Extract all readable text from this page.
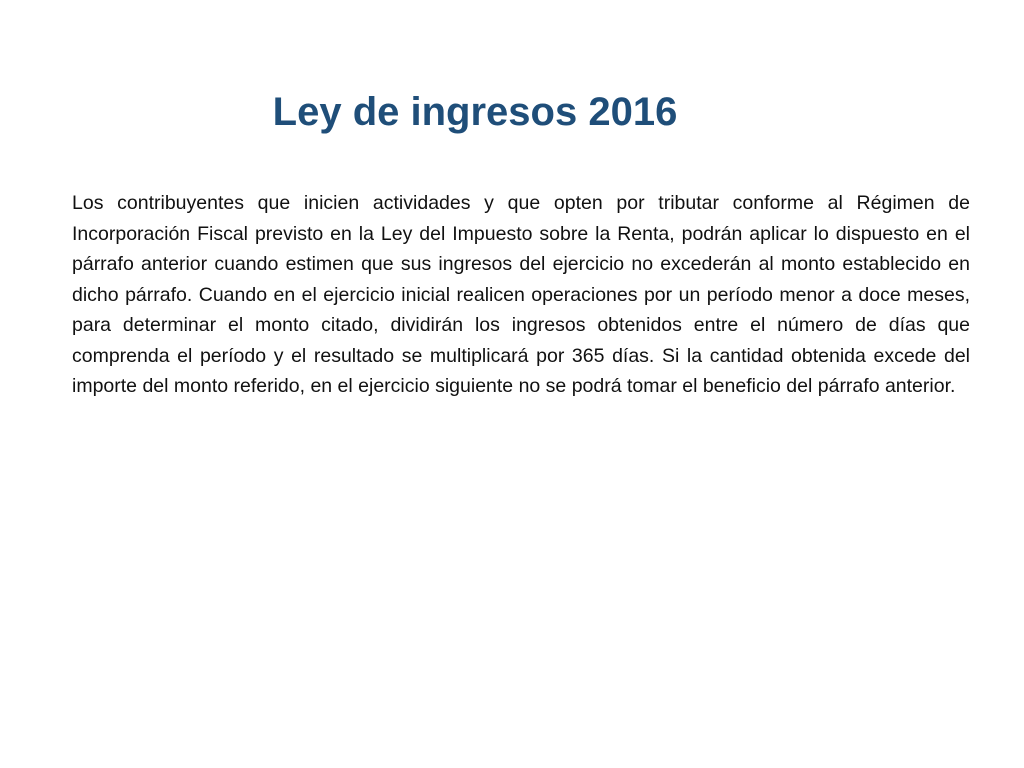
Ley de ingresos 2016

Los contribuyentes que inicien actividades y que opten por tributar conforme al Régimen de Incorporación Fiscal previsto en la Ley del Impuesto sobre la Renta, podrán aplicar lo dispuesto en el párrafo anterior cuando estimen que sus ingresos del ejercicio no excederán al monto establecido en dicho párrafo. Cuando en el ejercicio inicial realicen operaciones por un período menor a doce meses, para determinar el monto citado, dividirán los ingresos obtenidos entre el número de días que comprenda el período y el resultado se multiplicará por 365 días. Si la cantidad obtenida excede del importe del monto referido, en el ejercicio siguiente no se podrá tomar el beneficio del párrafo anterior.
